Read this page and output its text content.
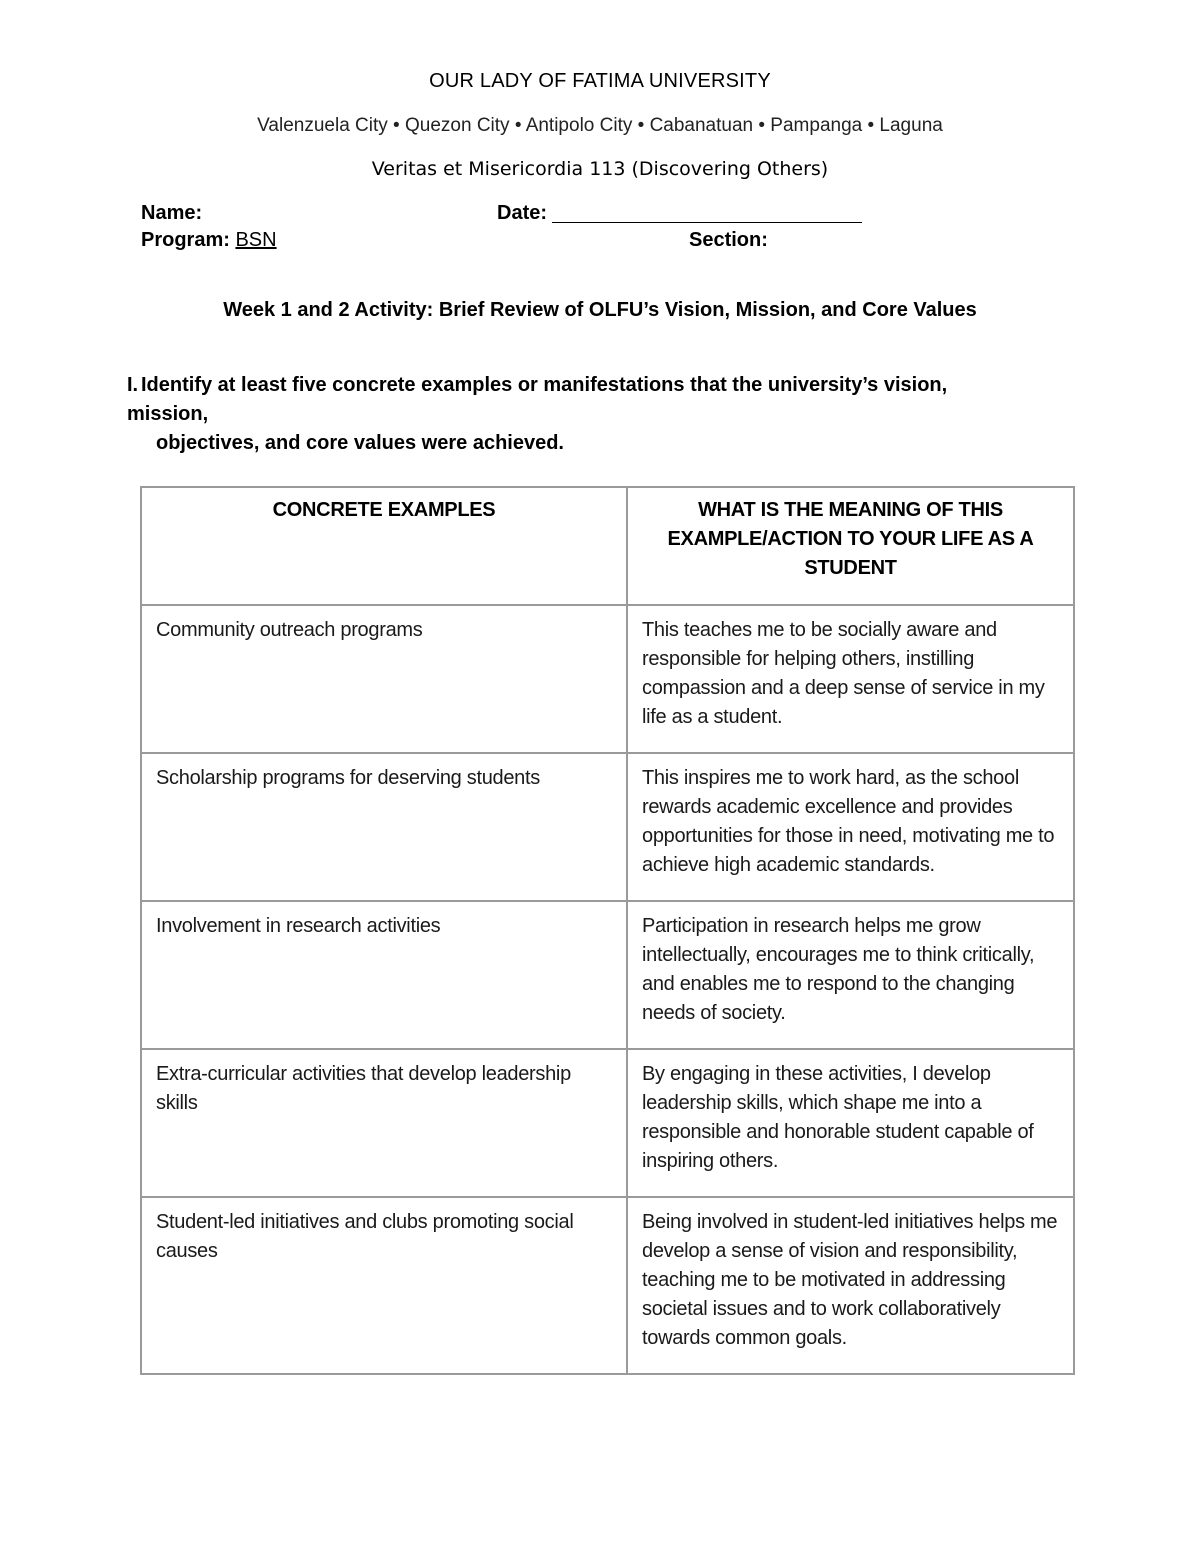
OUR LADY OF FATIMA UNIVERSITY
Valenzuela City • Quezon City • Antipolo City • Cabanatuan • Pampanga • Laguna
Veritas et Misericordia 113 (Discovering Others)
Name:	Date:
Program: BSN	Section:
Week 1 and 2 Activity: Brief Review of OLFU’s Vision, Mission, and Core Values
I. Identify at least five concrete examples or manifestations that the university’s vision, mission,
objectives, and core values were achieved.
CONCRETE EXAMPLES	WHAT IS THE MEANING OF THIS EXAMPLE/ACTION TO YOUR LIFE AS A STUDENT
Community outreach programs	This teaches me to be socially aware and responsible for helping others, instilling compassion and a deep sense of service in my life as a student.
Scholarship programs for deserving students	This inspires me to work hard, as the school rewards academic excellence and provides opportunities for those in need, motivating me to achieve high academic standards.
Involvement in research activities	Participation in research helps me grow intellectually, encourages me to think critically, and enables me to respond to the changing needs of society.
Extra-curricular activities that develop leadership skills	By engaging in these activities, I develop leadership skills, which shape me into a responsible and honorable student capable of inspiring others.
Student-led initiatives and clubs promoting social causes	Being involved in student-led initiatives helps me develop a sense of vision and responsibility, teaching me to be motivated in addressing societal issues and to work collaboratively towards common goals.
